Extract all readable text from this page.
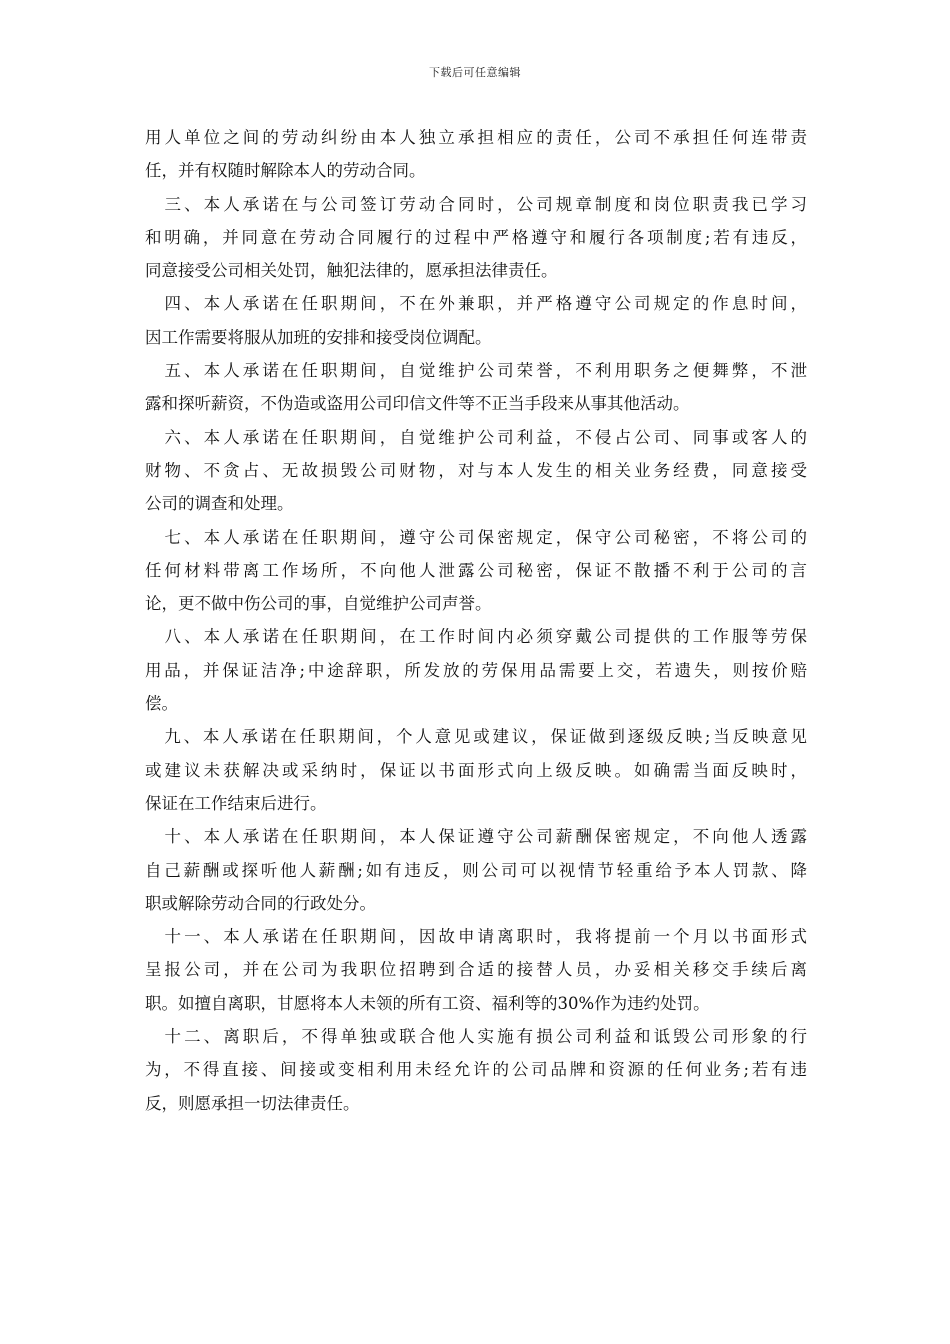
下载后可任意编辑
用人单位之间的劳动纠纷由本人独立承担相应的责任，公司不承担任何连带责
任，并有权随时解除本人的劳动合同。
　三、本人承诺在与公司签订劳动合同时，公司规章制度和岗位职责我已学习
和明确，并同意在劳动合同履行的过程中严格遵守和履行各项制度;若有违反，
同意接受公司相关处罚，触犯法律的，愿承担法律责任。
　四、本人承诺在任职期间，不在外兼职，并严格遵守公司规定的作息时间，
因工作需要将服从加班的安排和接受岗位调配。
　五、本人承诺在任职期间，自觉维护公司荣誉，不利用职务之便舞弊，不泄
露和探听薪资，不伪造或盗用公司印信文件等不正当手段来从事其他活动。
　六、本人承诺在任职期间，自觉维护公司利益，不侵占公司、同事或客人的
财物、不贪占、无故损毁公司财物，对与本人发生的相关业务经费，同意接受
公司的调查和处理。
　七、本人承诺在任职期间，遵守公司保密规定，保守公司秘密，不将公司的
任何材料带离工作场所，不向他人泄露公司秘密，保证不散播不利于公司的言
论，更不做中伤公司的事，自觉维护公司声誉。
　八、本人承诺在任职期间，在工作时间内必须穿戴公司提供的工作服等劳保
用品，并保证洁净;中途辞职，所发放的劳保用品需要上交，若遗失，则按价赔
偿。
　九、本人承诺在任职期间，个人意见或建议，保证做到逐级反映;当反映意见
或建议未获解决或采纳时，保证以书面形式向上级反映。如确需当面反映时，
保证在工作结束后进行。
　十、本人承诺在任职期间，本人保证遵守公司薪酬保密规定，不向他人透露
自己薪酬或探听他人薪酬;如有违反，则公司可以视情节轻重给予本人罚款、降
职或解除劳动合同的行政处分。
　十一、本人承诺在任职期间，因故申请离职时，我将提前一个月以书面形式
呈报公司，并在公司为我职位招聘到合适的接替人员，办妥相关移交手续后离
职。如擅自离职，甘愿将本人未领的所有工资、福利等的30%作为违约处罚。
　十二、离职后，不得单独或联合他人实施有损公司利益和诋毁公司形象的行
为，不得直接、间接或变相利用未经允许的公司品牌和资源的任何业务;若有违
反，则愿承担一切法律责任。
